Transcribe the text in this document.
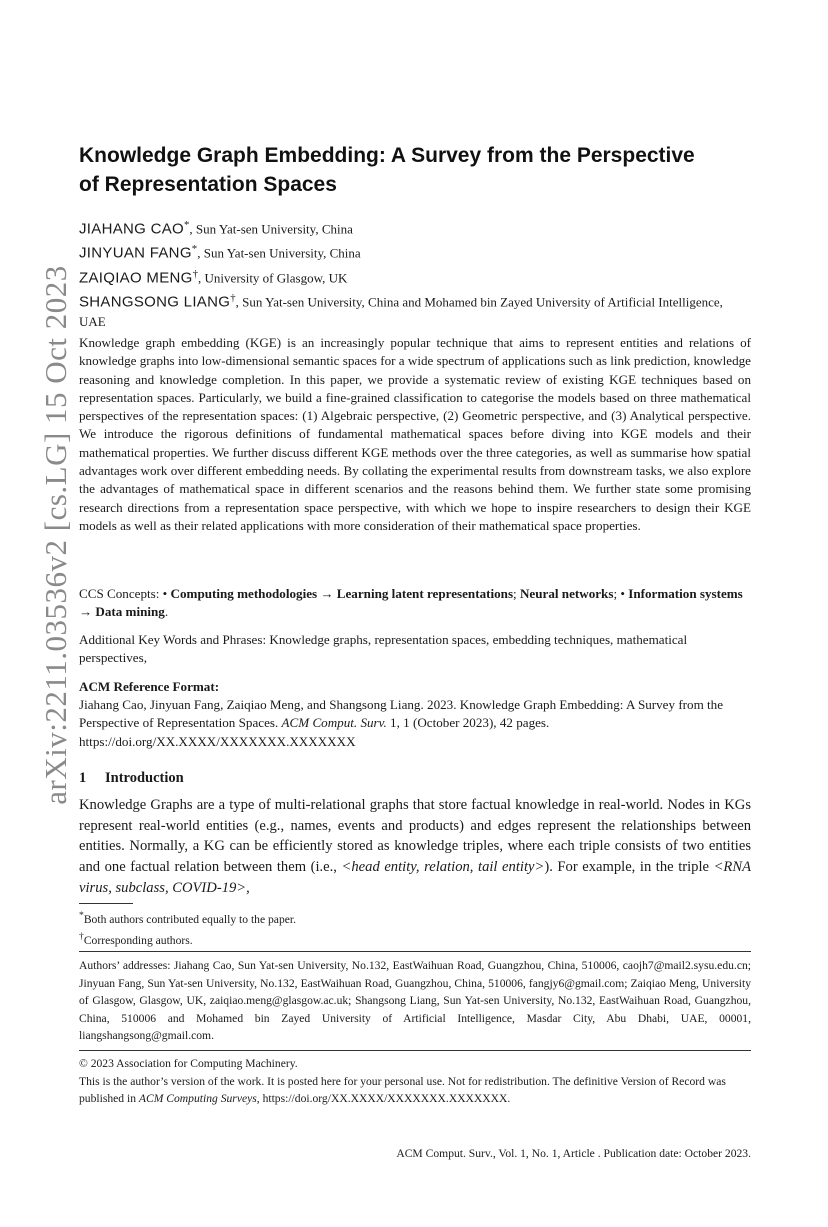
arXiv:2211.03536v2 [cs.LG] 15 Oct 2023
Knowledge Graph Embedding: A Survey from the Perspective
of Representation Spaces

JIAHANG CAO*, Sun Yat-sen University, China

JINYUAN FANG*, Sun Yat-sen University, China

ZAIQIAO MENG†, University of Glasgow, UK

SHANGSONG LIANG†, Sun Yat-sen University, China and Mohamed bin Zayed University of Artificial Intelligence, UAE

Knowledge graph embedding (KGE) is an increasingly popular technique that aims to represent entities and relations of knowledge graphs into low-dimensional semantic spaces for a wide spectrum of applications such as link prediction, knowledge reasoning and knowledge completion. In this paper, we provide a systematic review of existing KGE techniques based on representation spaces. Particularly, we build a fine-grained classification to categorise the models based on three mathematical perspectives of the representation spaces: (1) Algebraic perspective, (2) Geometric perspective, and (3) Analytical perspective. We introduce the rigorous definitions of fundamental mathematical spaces before diving into KGE models and their mathematical properties. We further discuss different KGE methods over the three categories, as well as summarise how spatial advantages work over different embedding needs. By collating the experimental results from downstream tasks, we also explore the advantages of mathematical space in different scenarios and the reasons behind them. We further state some promising research directions from a representation space perspective, with which we hope to inspire researchers to design their KGE models as well as their related applications with more consideration of their mathematical space properties.

CCS Concepts: • Computing methodologies → Learning latent representations; Neural networks; • Information systems → Data mining.

Additional Key Words and Phrases: Knowledge graphs, representation spaces, embedding techniques, mathematical perspectives,

ACM Reference Format:

Jiahang Cao, Jinyuan Fang, Zaiqiao Meng, and Shangsong Liang. 2023. Knowledge Graph Embedding: A Survey from the Perspective of Representation Spaces. ACM Comput. Surv. 1, 1 (October 2023), 42 pages. https://doi.org/XX.XXXX/XXXXXXX.XXXXXXX

1 Introduction

Knowledge Graphs are a type of multi-relational graphs that store factual knowledge in real-world. Nodes in KGs represent real-world entities (e.g., names, events and products) and edges represent the relationships between entities. Normally, a KG can be efficiently stored as knowledge triples, where each triple consists of two entities and one factual relation between them (i.e., <head entity, relation, tail entity>). For example, in the triple <RNA virus, subclass, COVID-19>,

*Both authors contributed equally to the paper.

†Corresponding authors.

Authors’ addresses: Jiahang Cao, Sun Yat-sen University, No.132, EastWaihuan Road, Guangzhou, China, 510006, caojh7@mail2.sysu.edu.cn; Jinyuan Fang, Sun Yat-sen University, No.132, EastWaihuan Road, Guangzhou, China, 510006, fangjy6@gmail.com; Zaiqiao Meng, University of Glasgow, Glasgow, UK, zaiqiao.meng@glasgow.ac.uk; Shangsong Liang, Sun Yat-sen University, No.132, EastWaihuan Road, Guangzhou, China, 510006 and Mohamed bin Zayed University of Artificial Intelligence, Masdar City, Abu Dhabi, UAE, 00001, liangshangsong@gmail.com.

© 2023 Association for Computing Machinery.

This is the author’s version of the work. It is posted here for your personal use. Not for redistribution. The definitive Version of Record was published in ACM Computing Surveys, https://doi.org/XX.XXXX/XXXXXXX.XXXXXXX.

ACM Comput. Surv., Vol. 1, No. 1, Article . Publication date: October 2023.
